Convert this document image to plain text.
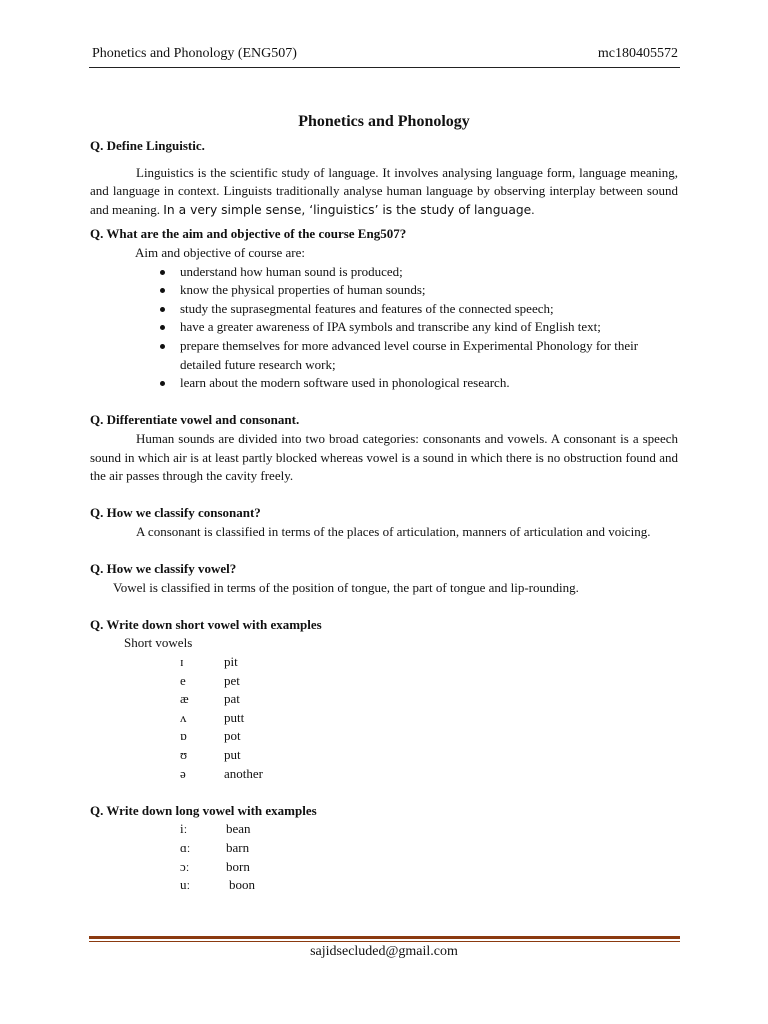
Phonetics and Phonology (ENG507)	mc180405572
Phonetics and Phonology

Q. Define Linguistic.

Linguistics is the scientific study of language. It involves analysing language form, language meaning, and language in context. Linguists traditionally analyse human language by observing interplay between sound and meaning. In a very simple sense, ‘linguistics’ is the study of language.

Q. What are the aim and objective of the course Eng507?

Aim and objective of course are:

understand how human sound is produced;
know the physical properties of human sounds;
study the suprasegmental features and features of the connected speech;
have a greater awareness of IPA symbols and transcribe any kind of English text;
prepare themselves for more advanced level course in Experimental Phonology for their detailed future research work;
learn about the modern software used in phonological research.

Q. Differentiate vowel and consonant.

Human sounds are divided into two broad categories: consonants and vowels. A consonant is a speech sound in which air is at least partly blocked whereas vowel is a sound in which there is no obstruction found and the air passes through the cavity freely.

Q. How we classify consonant?

A consonant is classified in terms of the places of articulation, manners of articulation and voicing.

Q. How we classify vowel?

Vowel is classified in terms of the position of tongue, the part of tongue and lip-rounding.

Q. Write down short vowel with examples

Short vowels

ɪ	pit

e	pet

æ	pat

ʌ	putt

ɒ	pot

ʊ	put

ə	another

Q. Write down long vowel with examples

iː	bean

ɑː	barn

ɔː	born

uː	boon

sajidsecluded@gmail.com
